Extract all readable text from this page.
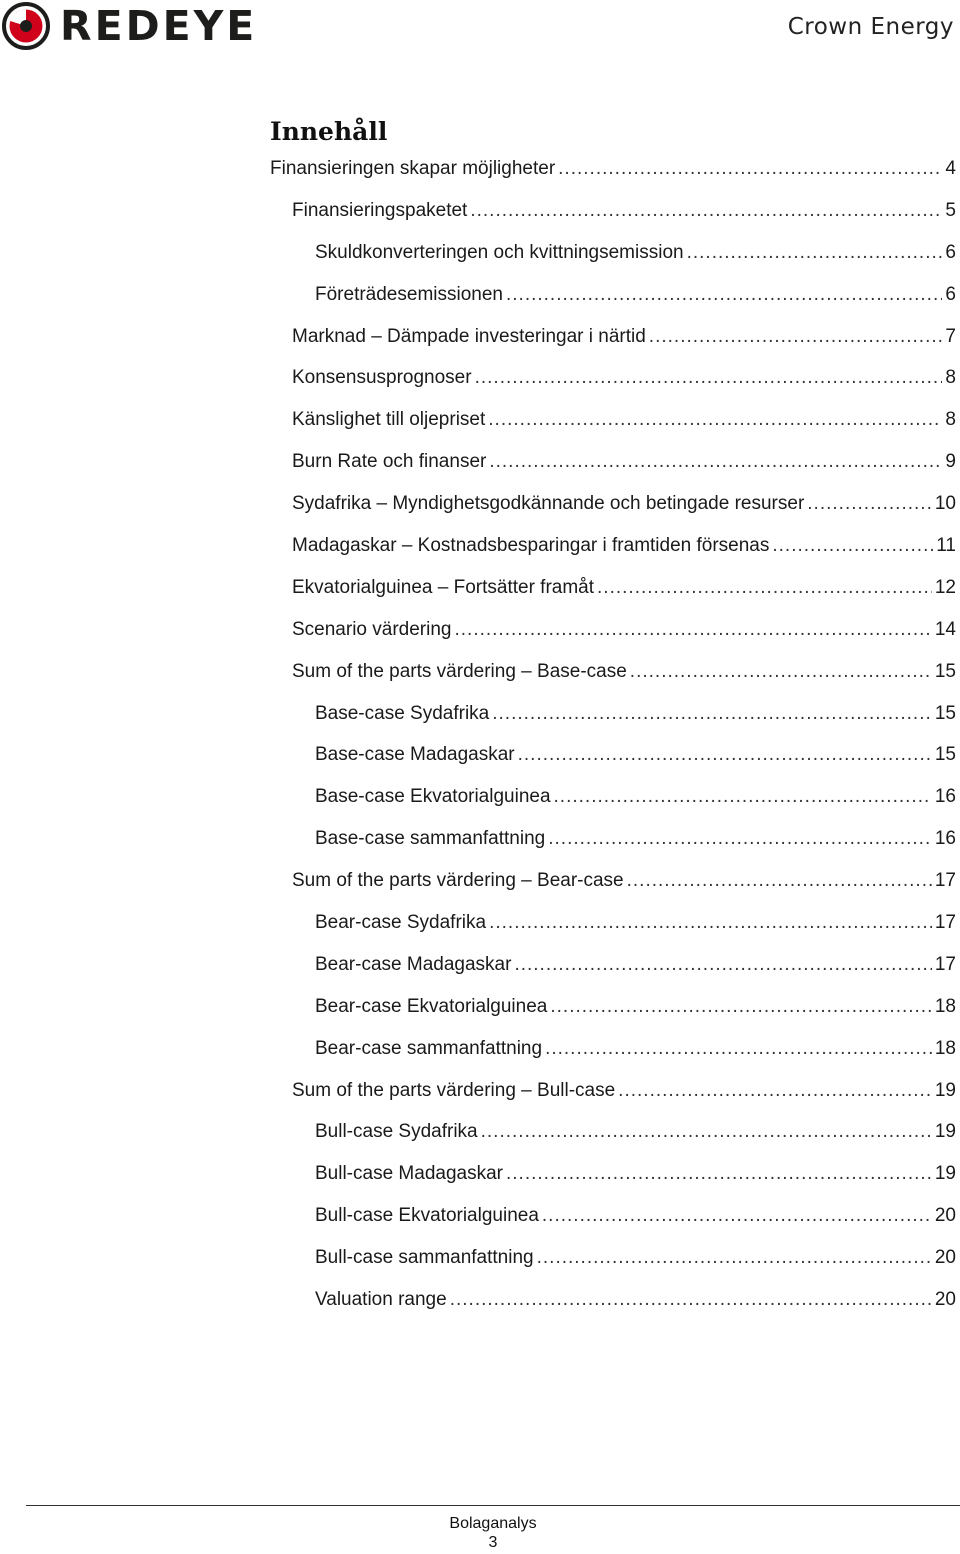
REDEYE	Crown Energy
Innehåll
Finansieringen skapar möjligheter .....	4
Finansieringspaketet .....	5
Skuldkonverteringen och kvittningsemission .....	6
Företrädesemissionen .....	6
Marknad – Dämpade investeringar i närtid .....	7
Konsensusprognoser .....	8
Känslighet till oljepriset .....	8
Burn Rate och finanser .....	9
Sydafrika – Myndighetsgodkännande och betingade resurser .....	10
Madagaskar – Kostnadsbesparingar i framtiden försenas .....	11
Ekvatorialguinea – Fortsätter framåt .....	12
Scenario värdering .....	14
Sum of the parts värdering – Base-case .....	15
Base-case Sydafrika .....	15
Base-case Madagaskar .....	15
Base-case Ekvatorialguinea .....	16
Base-case sammanfattning .....	16
Sum of the parts värdering – Bear-case .....	17
Bear-case Sydafrika .....	17
Bear-case Madagaskar .....	17
Bear-case Ekvatorialguinea .....	18
Bear-case sammanfattning .....	18
Sum of the parts värdering – Bull-case .....	19
Bull-case Sydafrika .....	19
Bull-case Madagaskar .....	19
Bull-case Ekvatorialguinea .....	20
Bull-case sammanfattning .....	20
Valuation range .....	20
Bolaganalys
3
